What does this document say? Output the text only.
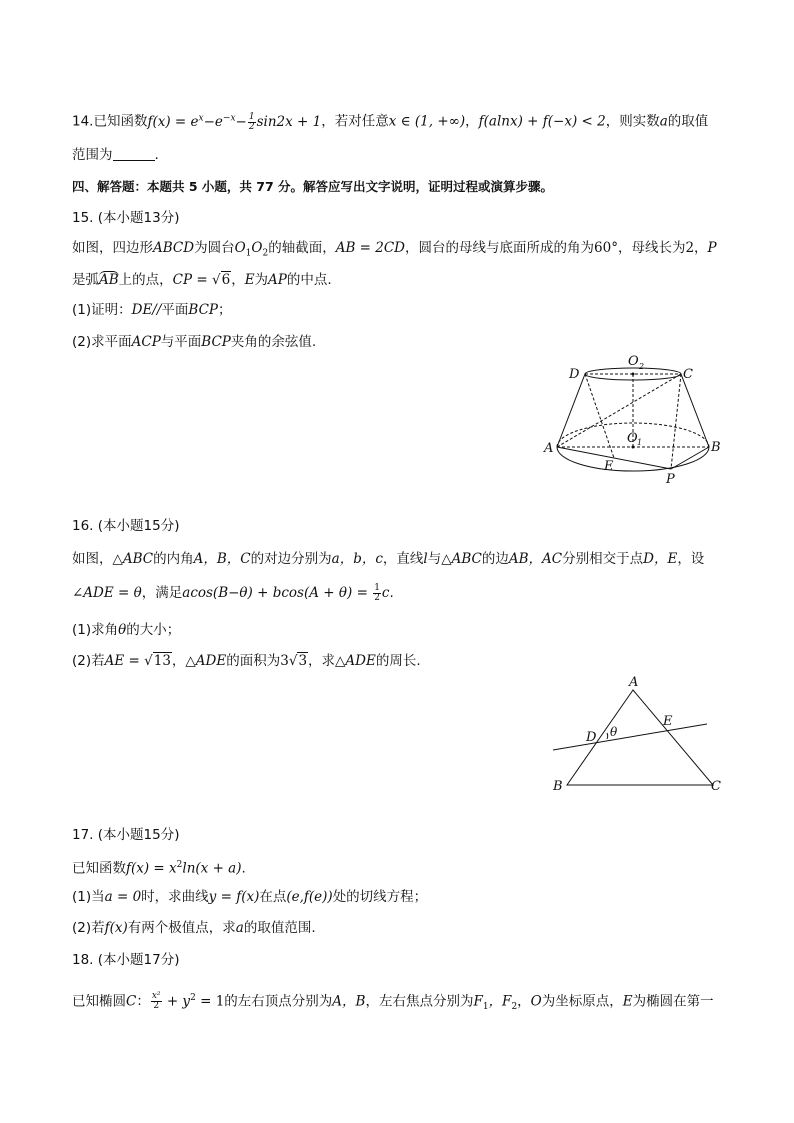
14.已知函数$f(x) = e^x-e^{-x}- \frac{1}{2} \sin 2x + 1$，若对任意x ∈ (1, +∞)，f(alnx) + f(−x) < 2，则实数a的取值
范围为	.
四、解答题：本题共 5 小题，共 77 分。解答应写出文字说明，证明过程或演算步骤。
15. (本小题13分)
如图，四边形ABCD为圆台$O_1O_2$的轴截面，AB = 2CD，圆台的母线与底面所成的角为60°，母线长为2，P
是弧AB上的点，CP = √6，E为AP的中点.
(1)证明：DE//平面BCP；
(2)求平面ACP与平面BCP夹角的余弦值.
D	C
O 2
A	B
O 1
E
P
16. (本小题15分)
如图，△ABC的内角A，B，C的对边分别为a，b，c，直线l与△ABC的边AB，AC分别相交于点D，E，设
∠ADE = θ，满足$acos(B-\theta) + bcos(A + \theta) = \frac{1}{2} c$.
(1)求角θ的大小；
(2)若AE = √13，△ADE的面积为3√3，求△ADE的周长.
A
B	C
D
E
θ
17. (本小题15分)
已知函数$f(x) = x^2\ln(x + a)$.
(1)当a = 0时，求曲线y = f(x)在点(e,f(e))处的切线方程；
(2)若f(x)有两个极值点，求a的取值范围.
18. (本小题17分)
已知椭圆C： $\frac{\text{x²}}{2} + y^2 = 1$的左右顶点分别为A，B，左右焦点分别为$F_1$，$F_2$，O为坐标原点，E为椭圆在第一
